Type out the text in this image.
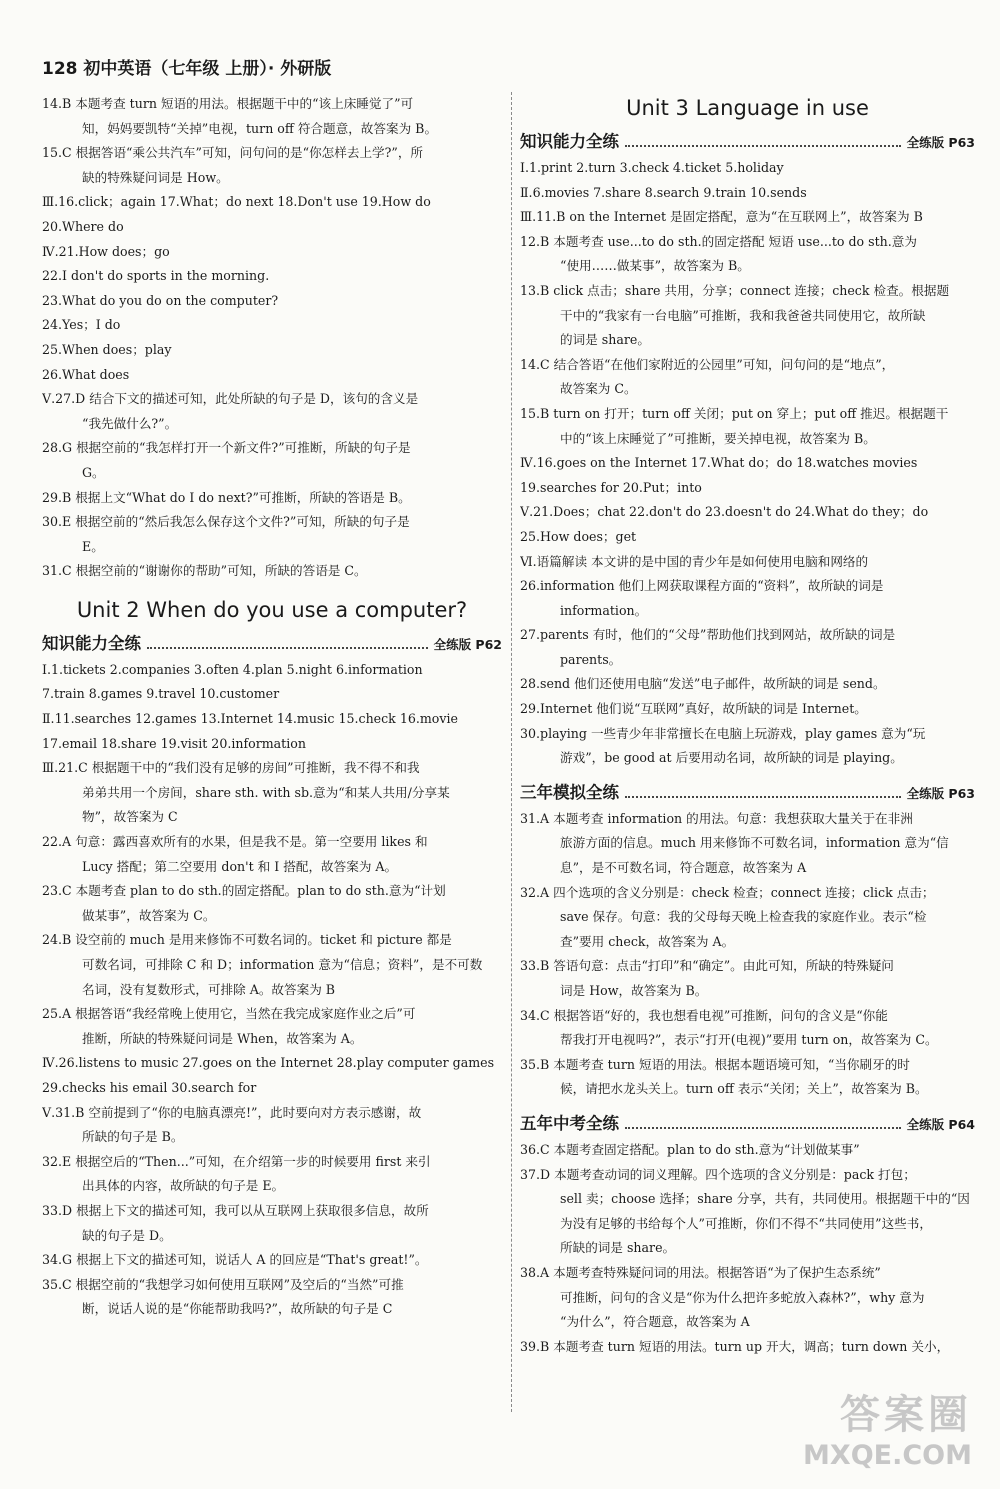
128 初中英语（七年级 上册）· 外研版
14.B 本题考查 turn 短语的用法。根据题干中的“该上床睡觉了”可
知，妈妈要凯特“关掉”电视，turn off 符合题意，故答案为 B。
15.C 根据答语“乘公共汽车”可知，问句问的是“你怎样去上学?”，所
缺的特殊疑问词是 How。
Ⅲ.16.click；again 17.What；do next 18.Don't use 19.How do
20.Where do
Ⅳ.21.How does；go
22.I don't do sports in the morning.
23.What do you do on the computer?
24.Yes；I do
25.When does；play
26.What does
Ⅴ.27.D 结合下文的描述可知，此处所缺的句子是 D，该句的含义是
“我先做什么?”。
28.G 根据空前的“我怎样打开一个新文件?”可推断，所缺的句子是
G。
29.B 根据上文“What do I do next?”可推断，所缺的答语是 B。
30.E 根据空前的“然后我怎么保存这个文件?”可知，所缺的句子是
E。
31.C 根据空前的“谢谢你的帮助”可知，所缺的答语是 C。
Unit 2 When do you use a computer?
知识能力全练	全练版 P62
Ⅰ.1.tickets 2.companies 3.often 4.plan 5.night 6.information
7.train 8.games 9.travel 10.customer
Ⅱ.11.searches 12.games 13.Internet 14.music 15.check 16.movie
17.email 18.share 19.visit 20.information
Ⅲ.21.C 根据题干中的“我们没有足够的房间”可推断，我不得不和我
弟弟共用一个房间，share sth. with sb.意为“和某人共用/分享某
物”，故答案为 C
22.A 句意：露西喜欢所有的水果，但是我不是。第一空要用 likes 和
Lucy 搭配；第二空要用 don't 和 I 搭配，故答案为 A。
23.C 本题考查 plan to do sth.的固定搭配。plan to do sth.意为“计划
做某事”，故答案为 C。
24.B 设空前的 much 是用来修饰不可数名词的。ticket 和 picture 都是
可数名词，可排除 C 和 D；information 意为“信息；资料”，是不可数
名词，没有复数形式，可排除 A。故答案为 B
25.A 根据答语“我经常晚上使用它，当然在我完成家庭作业之后”可
推断，所缺的特殊疑问词是 When，故答案为 A。
Ⅳ.26.listens to music 27.goes on the Internet 28.play computer games
29.checks his email 30.search for
Ⅴ.31.B 空前提到了“你的电脑真漂亮!”，此时要向对方表示感谢，故
所缺的句子是 B。
32.E 根据空后的“Then...”可知，在介绍第一步的时候要用 first 来引
出具体的内容，故所缺的句子是 E。
33.D 根据上下文的描述可知，我可以从互联网上获取很多信息，故所
缺的句子是 D。
34.G 根据上下文的描述可知，说话人 A 的回应是“That's great!”。
35.C 根据空前的“我想学习如何使用互联网”及空后的“当然”可推
断，说话人说的是“你能帮助我吗?”，故所缺的句子是 C
Unit 3 Language in use
知识能力全练	全练版 P63
Ⅰ.1.print 2.turn 3.check 4.ticket 5.holiday
Ⅱ.6.movies 7.share 8.search 9.train 10.sends
Ⅲ.11.B on the Internet 是固定搭配，意为“在互联网上”，故答案为 B
12.B 本题考查 use...to do sth.的固定搭配 短语 use...to do sth.意为
“使用……做某事”，故答案为 B。
13.B click 点击；share 共用，分享；connect 连接；check 检查。根据题
干中的“我家有一台电脑”可推断，我和我爸爸共同使用它，故所缺
的词是 share。
14.C 结合答语“在他们家附近的公园里”可知，问句问的是“地点”，
故答案为 C。
15.B turn on 打开；turn off 关闭；put on 穿上；put off 推迟。根据题干
中的“该上床睡觉了”可推断，要关掉电视，故答案为 B。
Ⅳ.16.goes on the Internet 17.What do；do 18.watches movies
19.searches for 20.Put；into
Ⅴ.21.Does；chat 22.don't do 23.doesn't do 24.What do they；do
25.How does；get
Ⅵ.语篇解读 本文讲的是中国的青少年是如何使用电脑和网络的
26.information 他们上网获取课程方面的“资料”，故所缺的词是
information。
27.parents 有时，他们的“父母”帮助他们找到网站，故所缺的词是
parents。
28.send 他们还使用电脑“发送”电子邮件，故所缺的词是 send。
29.Internet 他们说“互联网”真好，故所缺的词是 Internet。
30.playing 一些青少年非常擅长在电脑上玩游戏，play games 意为“玩
游戏”，be good at 后要用动名词，故所缺的词是 playing。
三年模拟全练	全练版 P63
31.A 本题考查 information 的用法。句意：我想获取大量关于在非洲
旅游方面的信息。much 用来修饰不可数名词，information 意为“信
息”，是不可数名词，符合题意，故答案为 A
32.A 四个选项的含义分别是：check 检查；connect 连接；click 点击；
save 保存。句意：我的父母每天晚上检查我的家庭作业。表示“检
查”要用 check，故答案为 A。
33.B 答语句意：点击“打印”和“确定”。由此可知，所缺的特殊疑问
词是 How，故答案为 B。
34.C 根据答语“好的，我也想看电视”可推断，问句的含义是“你能
帮我打开电视吗?”，表示“打开(电视)”要用 turn on，故答案为 C。
35.B 本题考查 turn 短语的用法。根据本题语境可知，“当你刷牙的时
候，请把水龙头关上。turn off 表示“关闭；关上”，故答案为 B。
五年中考全练	全练版 P64
36.C 本题考查固定搭配。plan to do sth.意为“计划做某事”
37.D 本题考查动词的词义理解。四个选项的含义分别是：pack 打包；
sell 卖；choose 选择；share 分享，共有，共同使用。根据题干中的“因
为没有足够的书给每个人”可推断，你们不得不“共同使用”这些书，
所缺的词是 share。
38.A 本题考查特殊疑问词的用法。根据答语“为了保护生态系统”
可推断，问句的含义是“你为什么把许多蛇放入森林?”，why 意为
“为什么”，符合题意，故答案为 A
39.B 本题考查 turn 短语的用法。turn up 开大，调高；turn down 关小，
答案圈
MXQE.COM
